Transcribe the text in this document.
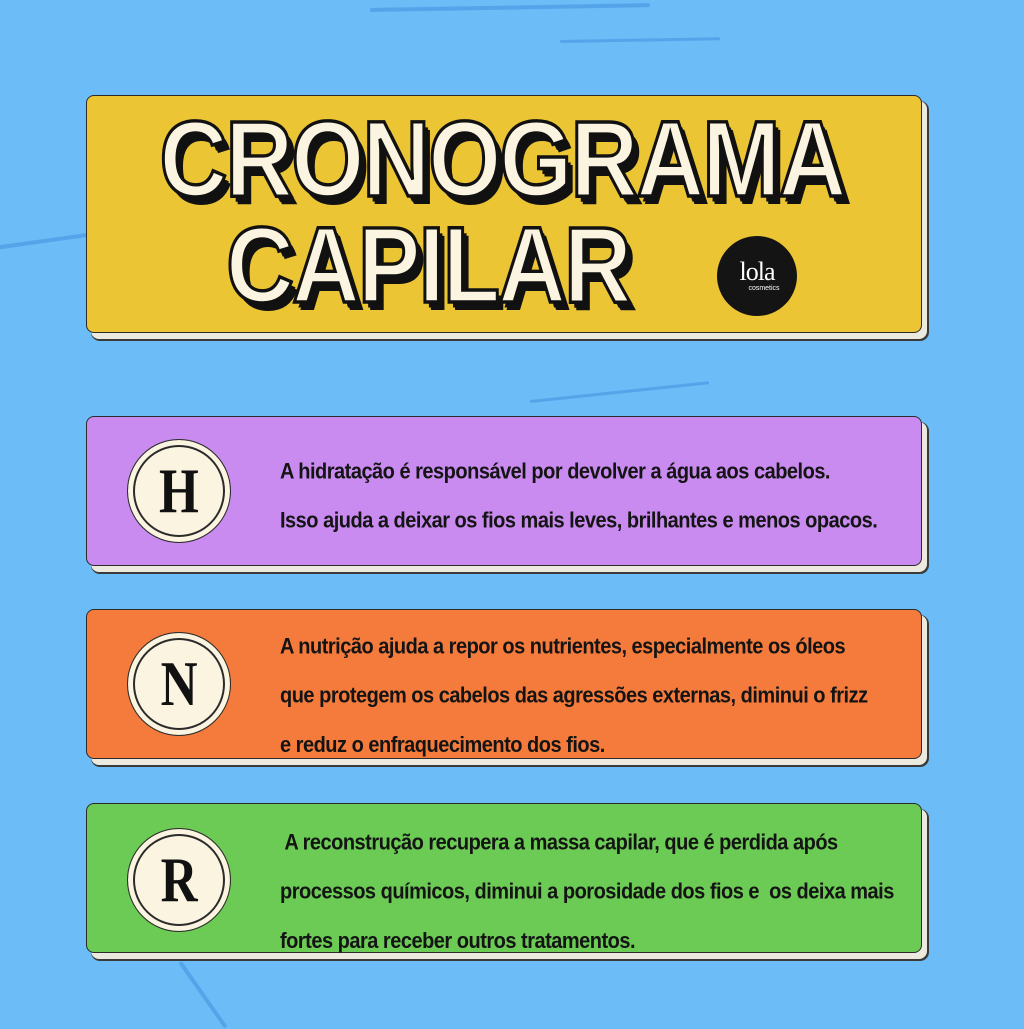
CRONOGRAMA
CAPILAR	lola
cosmetics
H	A hidratação é responsável por devolver a água aos cabelos.
Isso ajuda a deixar os fios mais leves, brilhantes e menos opacos.
N
A nutrição ajuda a repor os nutrientes, especialmente os óleos
que protegem os cabelos das agressões externas, diminui o frizz
e reduz o enfraquecimento dos fios.
R
A reconstrução recupera a massa capilar, que é perdida após
processos químicos, diminui a porosidade dos fios e  os deixa mais
fortes para receber outros tratamentos.
